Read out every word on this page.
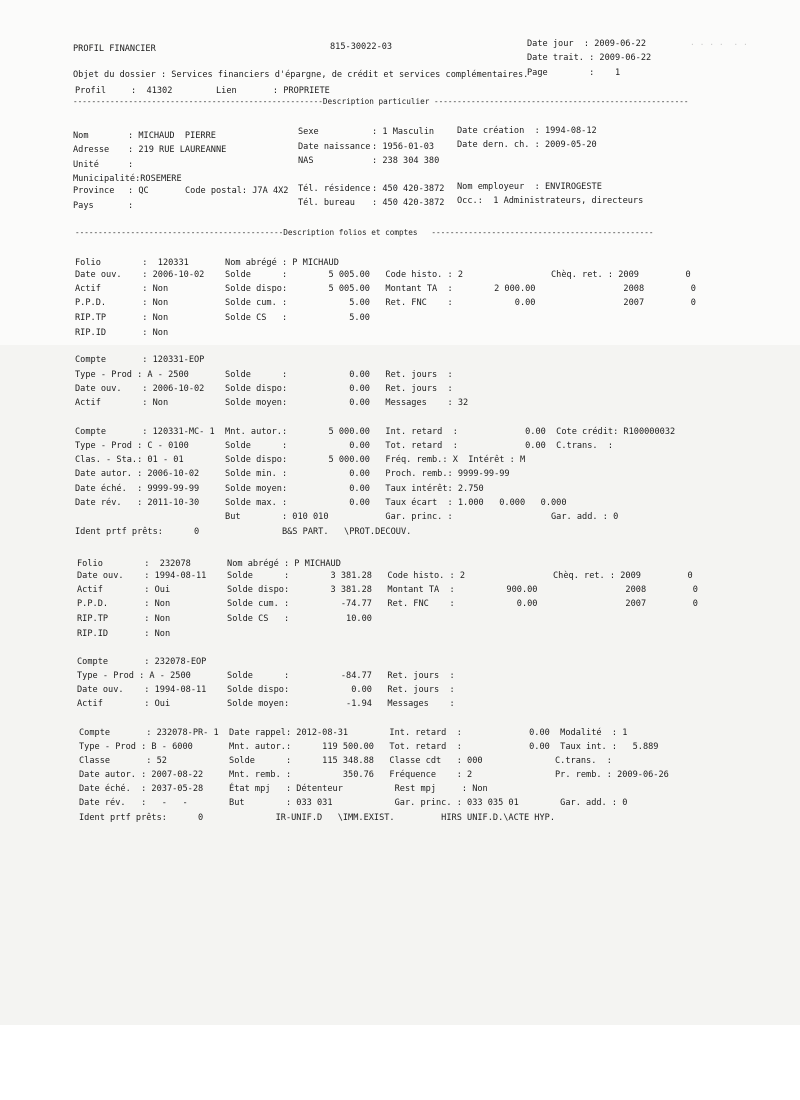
· · · ·  · ·
PROFIL FINANCIER	815-30022-03	Date jour  : 2009-06-22
Date trait. : 2009-06-22
Page        :    1
Objet du dossier : Services financiers d'épargne, de crédit et services complémentaires.
Profil	:  41302	Lien       : PROPRIETE
------------------------------------------------------Description particulier -------------------------------------------------------
Nom	: MICHAUD  PIERRE
Adresse : 219 RUE LAUREANNE
Unité	:
Municipalité:ROSEMERE
Province : QC	Code postal: J7A 4X2
Pays	:
Sexe	: 1 Masculin
Date naissance : 1956-01-03
NAS	: 238 304 380
Tél. résidence : 450 420-3872
Tél. bureau : 450 420-3872
Date création  : 1994-08-12
Date dern. ch. : 2009-05-20
Nom employeur  : ENVIROGESTE
Occ.:  1 Administrateurs, directeurs
---------------------------------------------Description folios et comptes   ------------------------------------------------
Folio        :  120331       Nom abrégé : P MICHAUD
Date ouv.    : 2006-10-02    Solde      :        5 005.00   Code histo. : 2                 Chèq. ret. : 2009         0
Actif        : Non           Solde dispo:        5 005.00   Montant TA  :        2 000.00                 2008         0
P.P.D.       : Non           Solde cum. :            5.00   Ret. FNC    :            0.00                 2007         0
RIP.TP       : Non           Solde CS   :            5.00
RIP.ID       : Non
Compte       : 120331-EOP
Type - Prod : A - 2500       Solde      :            0.00   Ret. jours  :
Date ouv.    : 2006-10-02    Solde dispo:            0.00   Ret. jours  :
Actif        : Non           Solde moyen:            0.00   Messages    : 32
Compte       : 120331-MC- 1  Mnt. autor.:        5 000.00   Int. retard  :             0.00  Cote crédit: R100000032
Type - Prod : C - 0100       Solde      :            0.00   Tot. retard  :             0.00  C.trans.  :
Clas. - Sta.: 01 - 01        Solde dispo:        5 000.00   Fréq. remb.: X  Intérêt : M
Date autor. : 2006-10-02     Solde min. :            0.00   Proch. remb.: 9999-99-99
Date éché.  : 9999-99-99     Solde moyen:            0.00   Taux intérêt: 2.750
Date rév.   : 2011-10-30     Solde max. :            0.00   Taux écart  : 1.000   0.000   0.000
But        : 010 010           Gar. princ. :                   Gar. add. : 0
Ident prtf prêts:      0                B&S PART.   \PROT.DECOUV.
Folio        :  232078       Nom abrégé : P MICHAUD
Date ouv.    : 1994-08-11    Solde      :        3 381.28   Code histo. : 2                 Chèq. ret. : 2009         0
Actif        : Oui           Solde dispo:        3 381.28   Montant TA  :          900.00                 2008         0
P.P.D.       : Non           Solde cum. :          -74.77   Ret. FNC    :            0.00                 2007         0
RIP.TP       : Non           Solde CS   :           10.00
RIP.ID       : Non
Compte       : 232078-EOP
Type - Prod : A - 2500       Solde      :          -84.77   Ret. jours  :
Date ouv.    : 1994-08-11    Solde dispo:            0.00   Ret. jours  :
Actif        : Oui           Solde moyen:           -1.94   Messages    :
Compte       : 232078-PR- 1  Date rappel: 2012-08-31        Int. retard  :             0.00  Modalité  : 1
Type - Prod : B - 6000       Mnt. autor.:      119 500.00   Tot. retard  :             0.00  Taux int. :   5.889
Classe       : 52            Solde      :      115 348.88   Classe cdt   : 000              C.trans.  :
Date autor. : 2007-08-22     Mnt. remb. :          350.76   Fréquence    : 2                Pr. remb. : 2009-06-26
Date éché.  : 2037-05-28     État mpj   : Détenteur          Rest mpj     : Non
Date rév.   :   -   -        But        : 033 031            Gar. princ. : 033 035 01        Gar. add. : 0
Ident prtf prêts:      0              IR-UNIF.D   \IMM.EXIST.         HIRS UNIF.D.\ACTE HYP.
